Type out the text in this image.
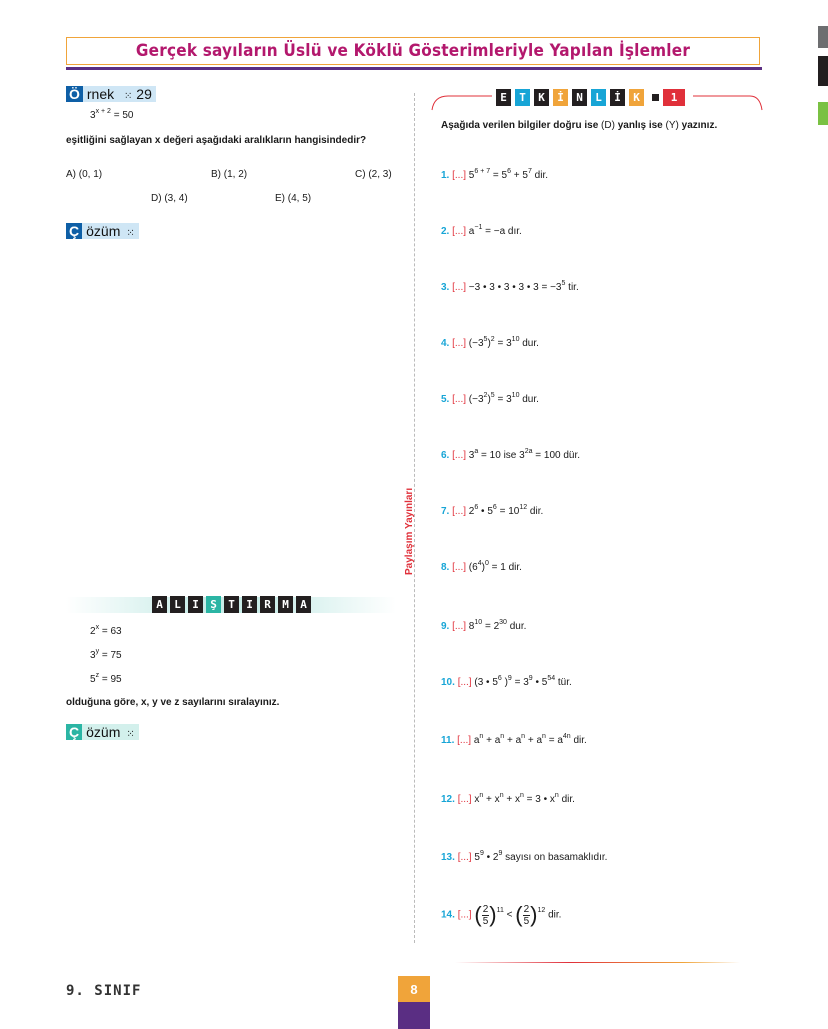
Gerçek sayıların Üslü ve Köklü Gösterimleriyle Yapılan İşlemler
Ö rnek ⁙ 29
$3^{x + 2} = 50$
eşitliğini sağlayan x değeri aşağıdaki aralıkların hangisindedir?
A) (0, 1)	B) (1, 2)	C) (2, 3)
D) (3, 4)	E) (4, 5)
Ç özüm ⁙
A	L	I	Ş	T	I	R	M	A
$2^x = 63$
$3^y = 75$
$5^z = 95$
olduğuna göre, x, y ve z sayılarını sıralayınız.
Ç özüm ⁙
Paylaşım Yayınları
E	T	K	İ	N	L	İ	K	1
Aşağıda verilen bilgiler doğru ise (D) yanlış ise (Y) yazınız.
1. [...] $5^{6 + 7} = 5^6 + 5^7$ dir.
2. [...] $a^{-1} = -a$ dır.
3. [...] −3 • 3 • 3 • 3 • $3 = -3^5$ tir.
4. [...] $(-3^5)^2 = 3^{10}$ dur.
5. [...] $(-3^2)^5 = 3^{10}$ dur.
6. [...] $3^a = 10$ ise $3^{2a} = 100$ dür.
7. [...] $2^6$ • $5^6 = 10^{12}$ dir.
8. [...] $(6^4)^0 = 1$ dir.
9. [...] $8^{10} = 2^{30}$ dur.
10. [...] (3 • $5^6$ )$^9 = 3^9$ • $5^{54}$ tür.
11. [...] $a^n + a^n + a^n + a^n = a^{4n}$ dir.
12. [...] $x^n + x^n + x^n = 3$ • $x^n$ dir.
13. [...] $5^9$ • $2^9$ sayısı on basamaklıdır.
14. [...] ( $\frac{2}{5} )^{11}$ < ( $\frac{2}{5} )^{12}$ dir.
9. SINIF	8
